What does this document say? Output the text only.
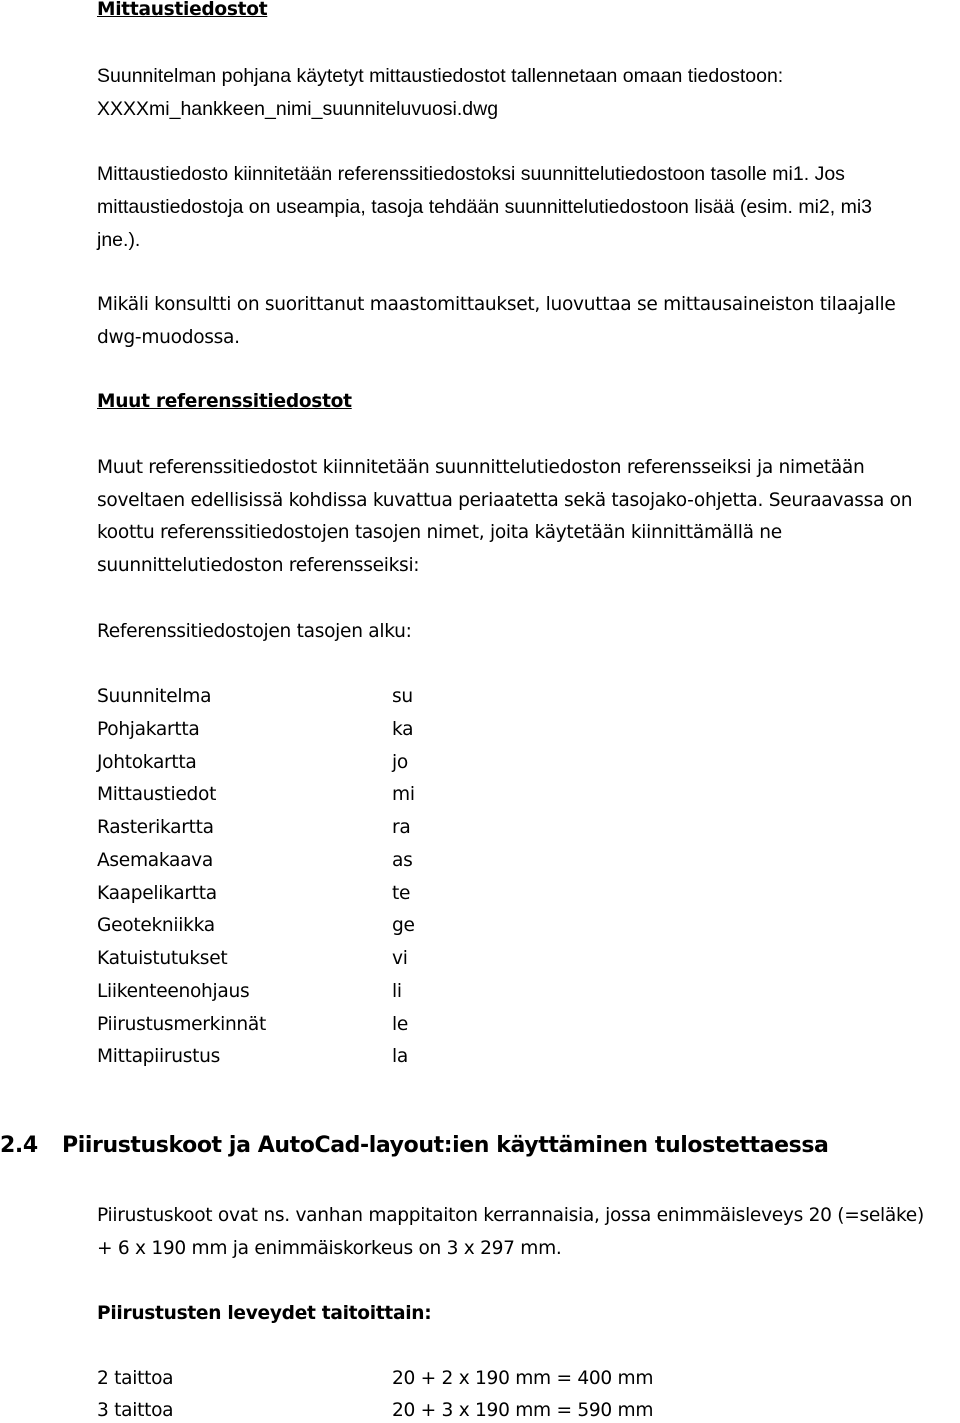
Mittaustiedostot
Suunnitelman pohjana käytetyt mittaustiedostot tallennetaan omaan tiedostoon:
XXXXmi_hankkeen_nimi_suunniteluvuosi.dwg
Mittaustiedosto kiinnitetään referenssitiedostoksi suunnittelutiedostoon tasolle mi1. Jos
mittaustiedostoja on useampia, tasoja tehdään suunnittelutiedostoon lisää (esim. mi2, mi3
jne.).
Mikäli konsultti on suorittanut maastomittaukset, luovuttaa se mittausaineiston tilaajalle
dwg-muodossa.
Muut referenssitiedostot
Muut referenssitiedostot kiinnitetään suunnittelutiedoston referensseiksi ja nimetään
soveltaen edellisissä kohdissa kuvattua periaatetta sekä tasojako-ohjetta. Seuraavassa on
koottu referenssitiedostojen tasojen nimet, joita käytetään kiinnittämällä ne
suunnittelutiedoston referensseiksi:
Referenssitiedostojen tasojen alku:
Suunnitelma	su
Pohjakartta	ka
Johtokartta	jo
Mittaustiedot	mi
Rasterikartta	ra
Asemakaava	as
Kaapelikartta	te
Geotekniikka	ge
Katuistutukset	vi
Liikenteenohjaus	li
Piirustusmerkinnät	le
Mittapiirustus	la
2.4 Piirustuskoot ja AutoCad-layout:ien käyttäminen tulostettaessa
Piirustuskoot ovat ns. vanhan mappitaiton kerrannaisia, jossa enimmäisleveys 20 (=seläke)
+ 6 x 190 mm ja enimmäiskorkeus on 3 x 297 mm.
Piirustusten leveydet taitoittain:
2 taittoa	20 + 2 x 190 mm = 400 mm
3 taittoa	20 + 3 x 190 mm = 590 mm
